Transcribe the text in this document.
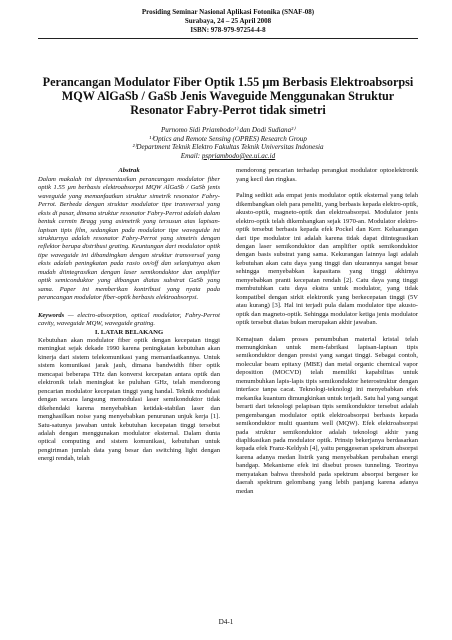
Prosiding Seminar Nasional Aplikasi Fotonika (SNAF-08)
Surabaya, 24 – 25 April 2008
ISBN: 978-979-97254-4-8
Perancangan Modulator Fiber Optik 1.55 µm Berbasis Elektroabsorpsi
MQW AlGaSb / GaSb Jenis Waveguide Menggunakan Struktur
Resonator Fabry-Perrot tidak simetri
Purnomo Sidi Priambodo¹⁾ dan Dodi Sudiana²⁾
¹⁾Optics and Remote Sensing (OPRES) Research Group
²⁾Department Teknik Elektro Fakultas Teknik Universitas Indonesia
Email: pspriambodo@ee.ui.ac.id

Abstrak

Dalam makalah ini dipresentasikan perancangan modulator fiber optik 1.55 µm berbasis elektroabsorpsi MQW AlGaSb / GaSb jenis waveguide yang memanfaatkan struktur simetrik resonator Fabry-Perrot. Berbeda dengan struktur modulator tipe transversal yang eksis di pasar, dimana struktur resonator Fabry-Perrot adalah dalam bentuk cermin Bragg yang asimetrik yang tersusun atas lapisan-lapisan tipis film, sedangkan pada modulator tipe waveguide ini strukturnya adalah resonator Fabry-Perrot yang simetris dengan reflektor berupa distribusi grating. Keuntungan dari modulator optik tipe waveguide ini dibandingkan dengan struktur transversal yang eksis adalah peningkatan pada rasio on/off dan selanjutnya akan mudah diintegrasikan dengan laser semikonduktor dan amplifier optik semiconduktor yang dibangun diatas substrat GaSb yang sama. Paper ini memberikan kontribusi yang nyata pada perancangan modulator fiber-optik berbasis elektroabsorpsi.

Keywords — electro-absorption, optical modulator, Fabry-Perrot cavity, waveguide MQW, waveguide grating.

I. LATAR BELAKANG

Kebutuhan akan modulator fiber optik dengan kecepatan tinggi meningkat sejak dekade 1990 karena peningkatan kebutuhan akan kinerja dari sistem telekomunikasi yang memanfaatkannya. Untuk sistem komunikasi jarak jauh, dimana bandwidth fiber optik mencapai beberapa THz dan konversi kecepatan antara optik dan elektronik telah meningkat ke puluhan GHz, telah mendorong pencarian modulator kecepatan tinggi yang handal. Teknik modulasi dengan secara langsung memodulasi laser semikonduktor tidak dikehendaki karena menyebabkan ketidak-stabilan laser dan menghasilkan noise yang menyebabkan penurunan unjuk kerja [1]. Satu-satunya jawaban untuk kebutuhan kecepatan tinggi tersebut adalah dengan menggunakan modulator eksternal. Dalam dunia optical computing and sistem komunikasi, kebutuhan untuk pengiriman jumlah data yang besar dan switching light dengan energi rendah, telah

mendorong pencarian terhadap perangkat modulator optoelektronik yang kecil dan ringkas.

Paling sedikit ada empat jenis modulator optik eksternal yang telah dikembangkan oleh para peneliti, yang berbasis kepada elektro-optik, akusto-optik, magneto-optik dan elektroabsorpsi. Modulator jenis elektro-optik telah dikembangkan sejak 1970-an. Modulator elektro-optik tersebut berbasis kepada efek Pockel dan Kerr. Keluarangan dari tipe modulator ini adalah karena tidak dapat diintegrasikan dengan laser semikonduktor dan amplifier optik semikonduktor dengan basis substrat yang sama. Kekurangan lainnya lagi adalah kebutuhan akan catu daya yang tinggi dan ukurannya sangat besar sehingga menyebabkan kapasitans yang tinggi akhirnya menyebabkan pranti kecepatan rendah [2]. Catu daya yang tinggi membutuhkan catu daya ekstra untuk modulator, yang tidak kompatibel dengan sirkit elektronik yang berkecepatan tinggi (5V atau kurang) [3]. Hal ini terjadi pula dalam modulator tipe akusto-optik dan magneto-optik. Sehingga modulator ketiga jenis modulator optik tersebut diatas bukan merupakan akhir jawaban.

Kemajuan dalam proses penumbuhan material kristal telah memungkinkan untuk mem-fabrikasi lapisan-lapisan tipis semikonduktor dengan presisi yang sangat tinggi. Sebagai contoh, molecular beam epitaxy (MBE) dan metal organic chemical vapor deposition (MOCVD) telah memiliki kapabilitas untuk menumbuhkan lapis-lapis tipis semikonduktor heterostruktur dengan interface tanpa cacat. Teknologi-teknologi ini menyebabkan efek mekanika kuantum dimungkinkan untuk terjadi. Satu hal yang sangat berarti dari teknologi pelapisan tipis semikonduktor tersebut adalah pengembangan modulator optik elektroabsorpsi berbasis kepada semikonduktor multi quantum well (MQW). Efek elektroabsorpsi pada struktur semikonduktor adalah teknologi akhir yang diaplikasikan pada modulator optik. Prinsip bekerjanya berdasarkan kepada efek Franz-Keldysh [4], yaitu penggeseran spektrum absorpsi karena adanya medan listrik yang menyebabkan perubahan energi bandgap. Mekanisme efek ini disebut proses tunneling. Teorinya menyatakan bahwa threshold pada spektrum absorpsi bergeser ke daerah spektrum gelombang yang lebih panjang karena adanya medan

D4-1
